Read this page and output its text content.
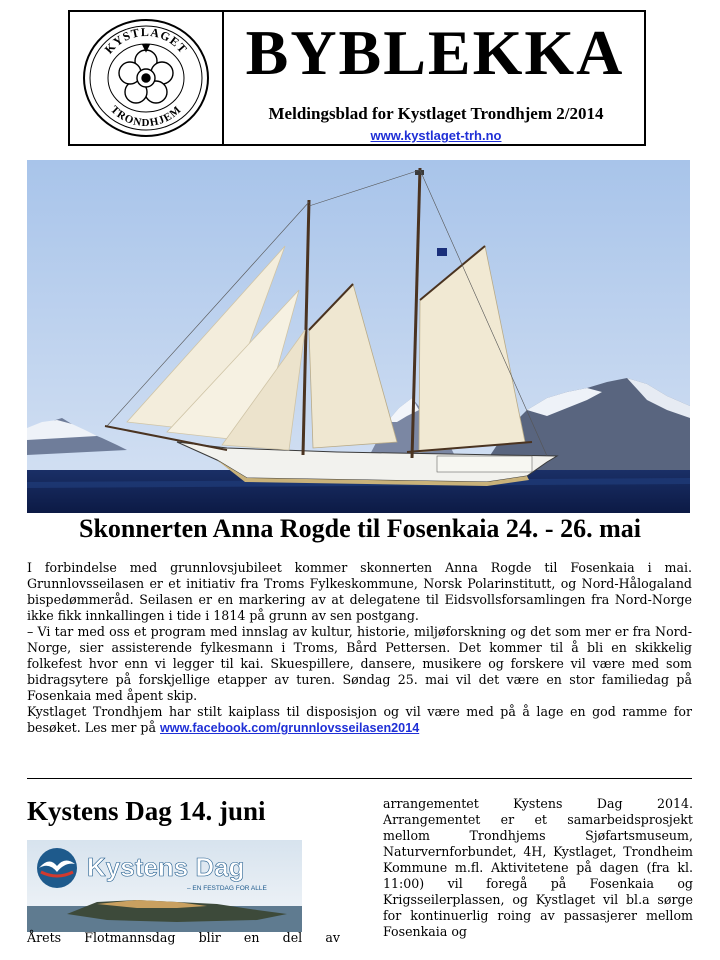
KYSTLAGET
TRONDHJEM
BYBLEKKA
Meldingsblad for Kystlaget Trondhjem 2/2014
www.kystlaget-trh.no
Skonnerten Anna Rogde til Fosenkaia 24. - 26. mai

I forbindelse med grunnlovsjubileet kommer skonnerten Anna Rogde til Fosenkaia i mai. Grunnlovsseilasen er et initiativ fra Troms Fylkeskommune, Norsk Polarinstitutt, og Nord-Hålogaland bispedømmeråd. Seilasen er en markering av at delegatene til Eidsvollsforsamlingen fra Nord-Norge ikke fikk innkallingen i tide i 1814 på grunn av sen postgang.

– Vi tar med oss et program med innslag av kultur, historie, miljøforskning og det som mer er fra Nord-Norge, sier assisterende fylkesmann i Troms, Bård Pettersen. Det kommer til å bli en skikkelig folkefest hvor enn vi legger til kai. Skuespillere, dansere, musikere og forskere vil være med som bidragsytere på forskjellige etapper av turen. Søndag 25. mai vil det være en stor familiedag på Fosenkaia med åpent skip.

Kystlaget Trondhjem har stilt kaiplass til disposisjon og vil være med på å lage en god ramme for besøket. Les mer på www.facebook.com/grunnlovsseilasen2014

Kystens Dag 14. juni
Kystens Dag
– EN FESTDAG FOR ALLE
Årets Flotmannsdag blir en del av
arrangementet Kystens Dag 2014. Arrangementet er et samarbeidsprosjekt mellom Trondhjems Sjøfartsmuseum, Naturvernforbundet, 4H, Kystlaget, Trondheim Kommune m.fl. Aktivitetene på dagen (fra kl. 11:00) vil foregå på Fosenkaia og Krigsseilerplassen, og Kystlaget vil bl.a sørge for kontinuerlig roing av passasjerer mellom Fosenkaia og
